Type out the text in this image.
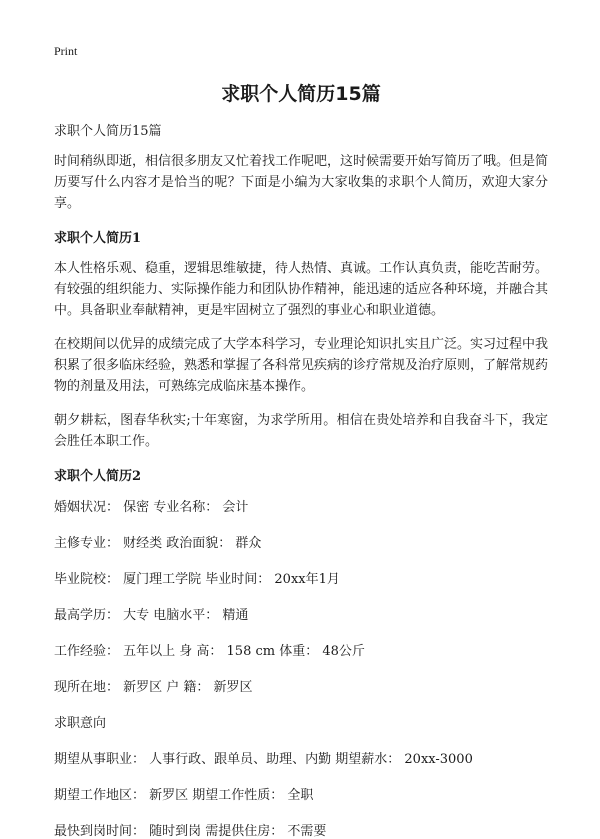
Print
求职个人简历15篇
求职个人简历15篇
时间稍纵即逝，相信很多朋友又忙着找工作呢吧，这时候需要开始写简历了哦。但是简历要写什么内容才是恰当的呢？下面是小编为大家收集的求职个人简历，欢迎大家分享。
求职个人简历1
本人性格乐观、稳重，逻辑思维敏捷，待人热情、真诚。工作认真负责，能吃苦耐劳。有较强的组织能力、实际操作能力和团队协作精神，能迅速的适应各种环境，并融合其中。具备职业奉献精神，更是牢固树立了强烈的事业心和职业道德。
在校期间以优异的成绩完成了大学本科学习，专业理论知识扎实且广泛。实习过程中我积累了很多临床经验，熟悉和掌握了各科常见疾病的诊疗常规及治疗原则，了解常规药物的剂量及用法，可熟练完成临床基本操作。
朝夕耕耘，图春华秋实;十年寒窗，为求学所用。相信在贵处培养和自我奋斗下，我定会胜任本职工作。
求职个人简历2
婚姻状况： 保密 专业名称： 会计
主修专业： 财经类 政治面貌： 群众
毕业院校： 厦门理工学院 毕业时间： 20xx年1月
最高学历： 大专 电脑水平： 精通
工作经验： 五年以上 身 高： 158 cm 体重： 48公斤
现所在地： 新罗区 户 籍： 新罗区
求职意向
期望从事职业： 人事行政、跟单员、助理、内勤 期望薪水： 20xx-3000
期望工作地区： 新罗区 期望工作性质： 全职
最快到岗时间： 随时到岗 需提供住房： 不需要
